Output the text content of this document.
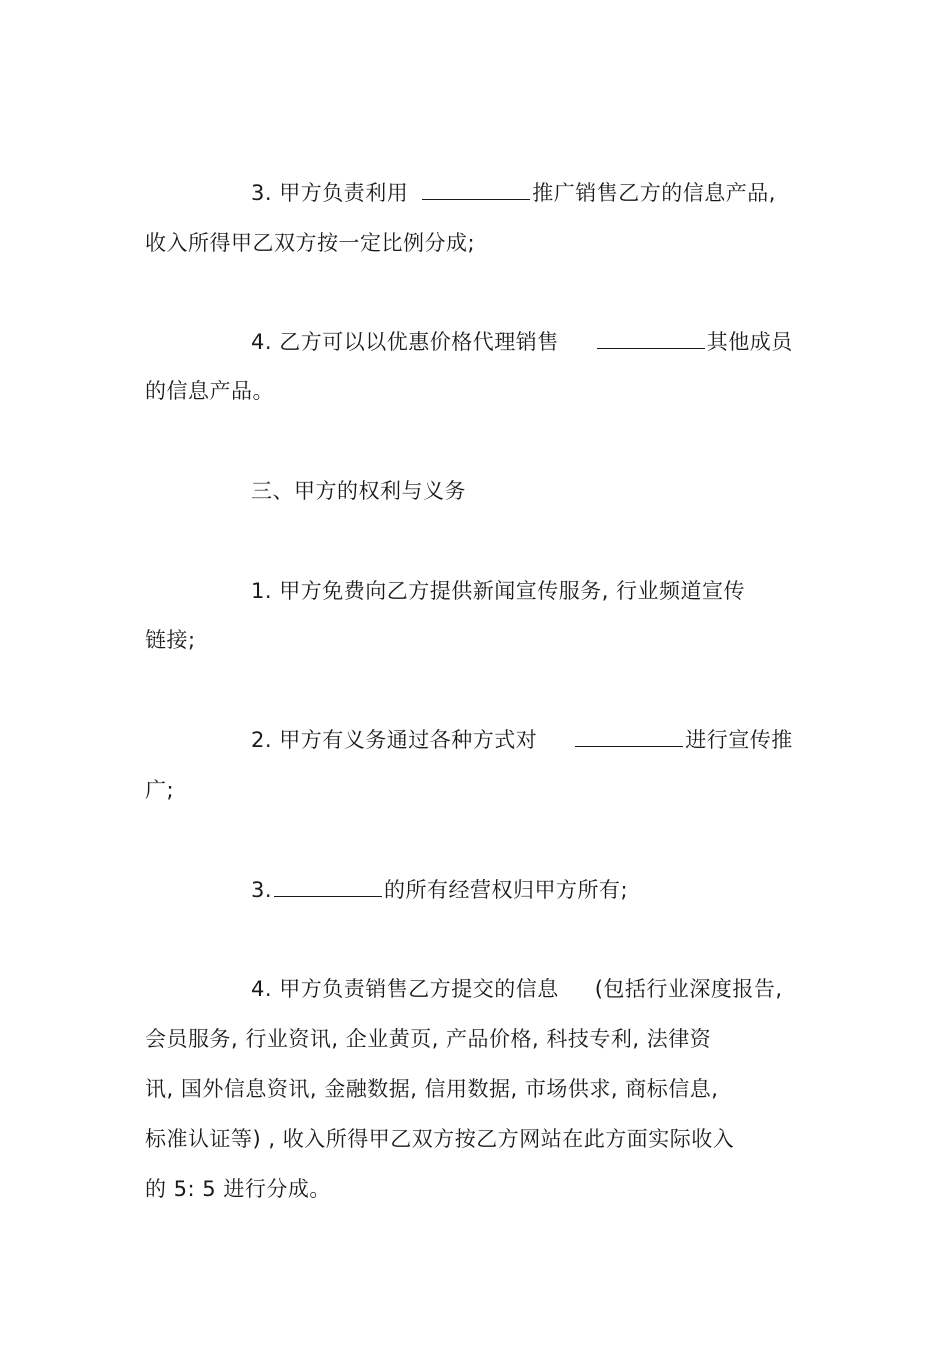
3. 甲方负责利用	推广销售乙方的信息产品,
收入所得甲乙双方按一定比例分成;
4. 乙方可以以优惠价格代理销售	其他成员
的信息产品。
三、甲方的权利与义务
1. 甲方免费向乙方提供新闻宣传服务, 行业频道宣传
链接;
2. 甲方有义务通过各种方式对	进行宣传推
广;
3.	的所有经营权归甲方所有;
4. 甲方负责销售乙方提交的信息 (包括行业深度报告,
会员服务, 行业资讯, 企业黄页, 产品价格, 科技专利, 法律资
讯, 国外信息资讯, 金融数据, 信用数据, 市场供求, 商标信息,
标准认证等) , 收入所得甲乙双方按乙方网站在此方面实际收入
的 5: 5 进行分成。
